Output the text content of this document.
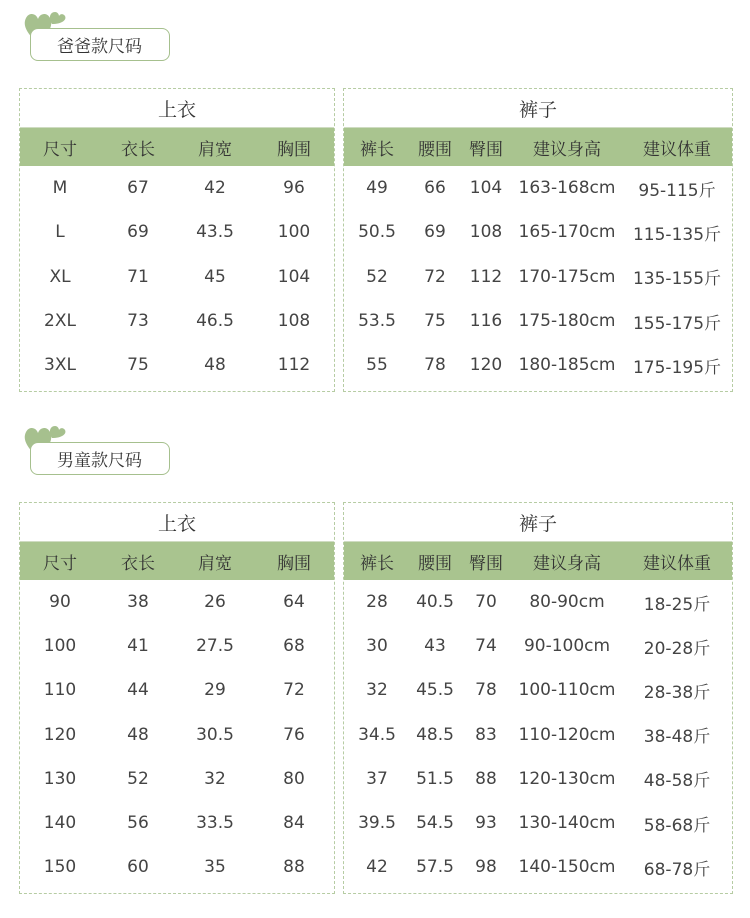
爸爸款尺码
上衣
尺寸	衣长	肩宽	胸围
M	67	42	96
L	69	43.5	100
XL	71	45	104
2XL	73	46.5	108
3XL	75	48	112
裤子
裤长	腰围	臀围	建议身高	建议体重
49	66	104 163-168cm	95-115斤
50.5	69	108 165-170cm	115-135斤
52	72	112 170-175cm	135-155斤
53.5	75	116 175-180cm	155-175斤
55	78	120 180-185cm	175-195斤
男童款尺码
上衣
尺寸	衣长	肩宽	胸围
90	38	26	64
100	41	27.5	68
110	44	29	72
120	48	30.5	76
130	52	32	80
140	56	33.5	84
150	60	35	88
裤子
裤长	腰围	臀围	建议身高	建议体重
28	40.5	70	80-90cm	18-25斤
30	43	74	90-100cm	20-28斤
32	45.5	78	100-110cm	28-38斤
34.5	48.5	83	110-120cm	38-48斤
37	51.5	88	120-130cm	48-58斤
39.5	54.5	93	130-140cm	58-68斤
42	57.5	98	140-150cm	68-78斤
